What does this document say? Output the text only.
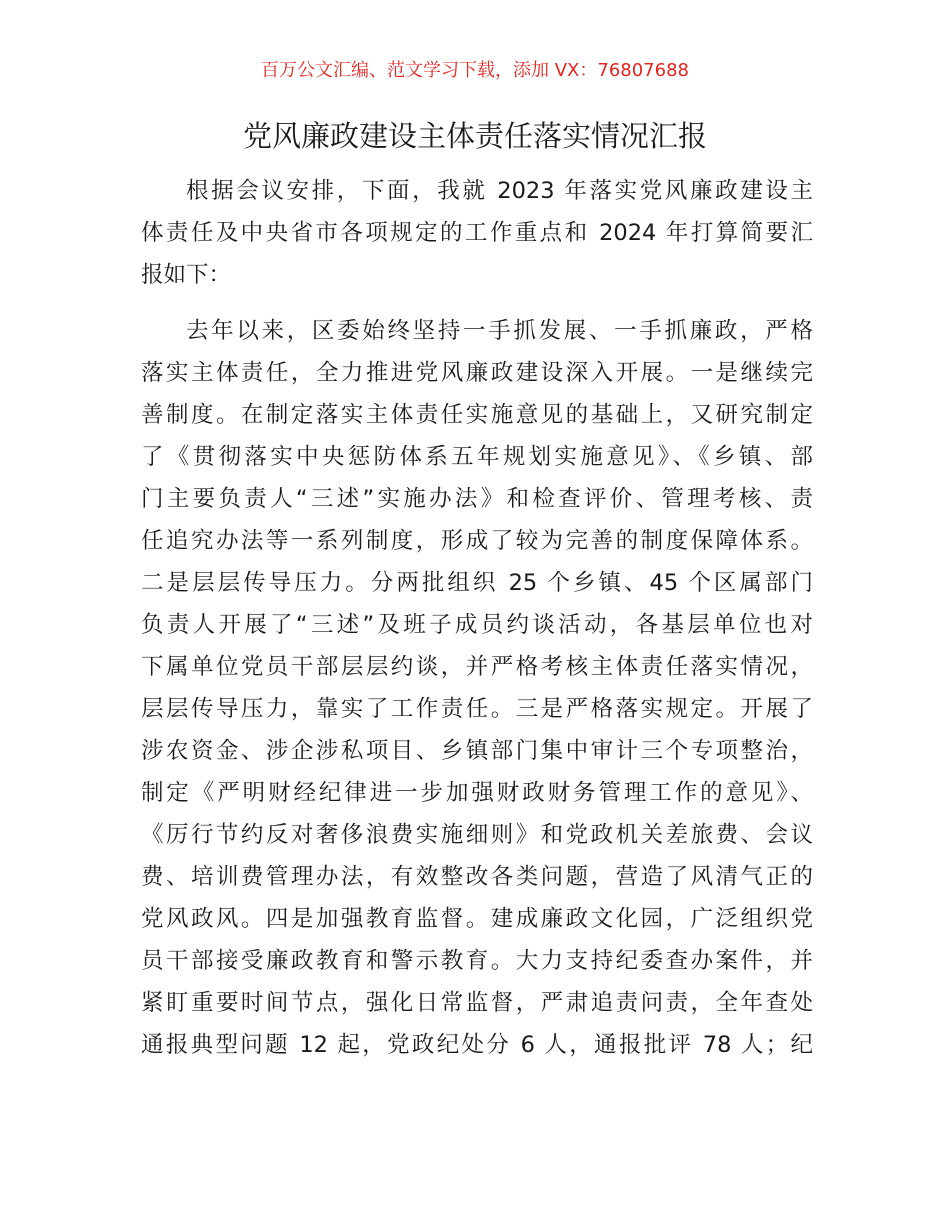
百万公文汇编、范文学习下载，添加 VX：76807688
党风廉政建设主体责任落实情况汇报
根据会议安排，下面，我就 2023 年落实党风廉政建设主
体责任及中央省市各项规定的工作重点和 2024 年打算简要汇
报如下：
去年以来，区委始终坚持一手抓发展、一手抓廉政，严格
落实主体责任，全力推进党风廉政建设深入开展。一是继续完
善制度。在制定落实主体责任实施意见的基础上，又研究制定
了《贯彻落实中央惩防体系五年规划实施意见》、《乡镇、部
门主要负责人“三述”实施办法》和检查评价、管理考核、责
任追究办法等一系列制度，形成了较为完善的制度保障体系。
二是层层传导压力。分两批组织 25 个乡镇、45 个区属部门
负责人开展了“三述”及班子成员约谈活动，各基层单位也对
下属单位党员干部层层约谈，并严格考核主体责任落实情况，
层层传导压力，靠实了工作责任。三是严格落实规定。开展了
涉农资金、涉企涉私项目、乡镇部门集中审计三个专项整治，
制定《严明财经纪律进一步加强财政财务管理工作的意见》、
《厉行节约反对奢侈浪费实施细则》和党政机关差旅费、会议
费、培训费管理办法，有效整改各类问题，营造了风清气正的
党风政风。四是加强教育监督。建成廉政文化园，广泛组织党
员干部接受廉政教育和警示教育。大力支持纪委查办案件，并
紧盯重要时间节点，强化日常监督，严肃追责问责，全年查处
通报典型问题 12 起，党政纪处分 6 人，通报批评 78 人；纪
